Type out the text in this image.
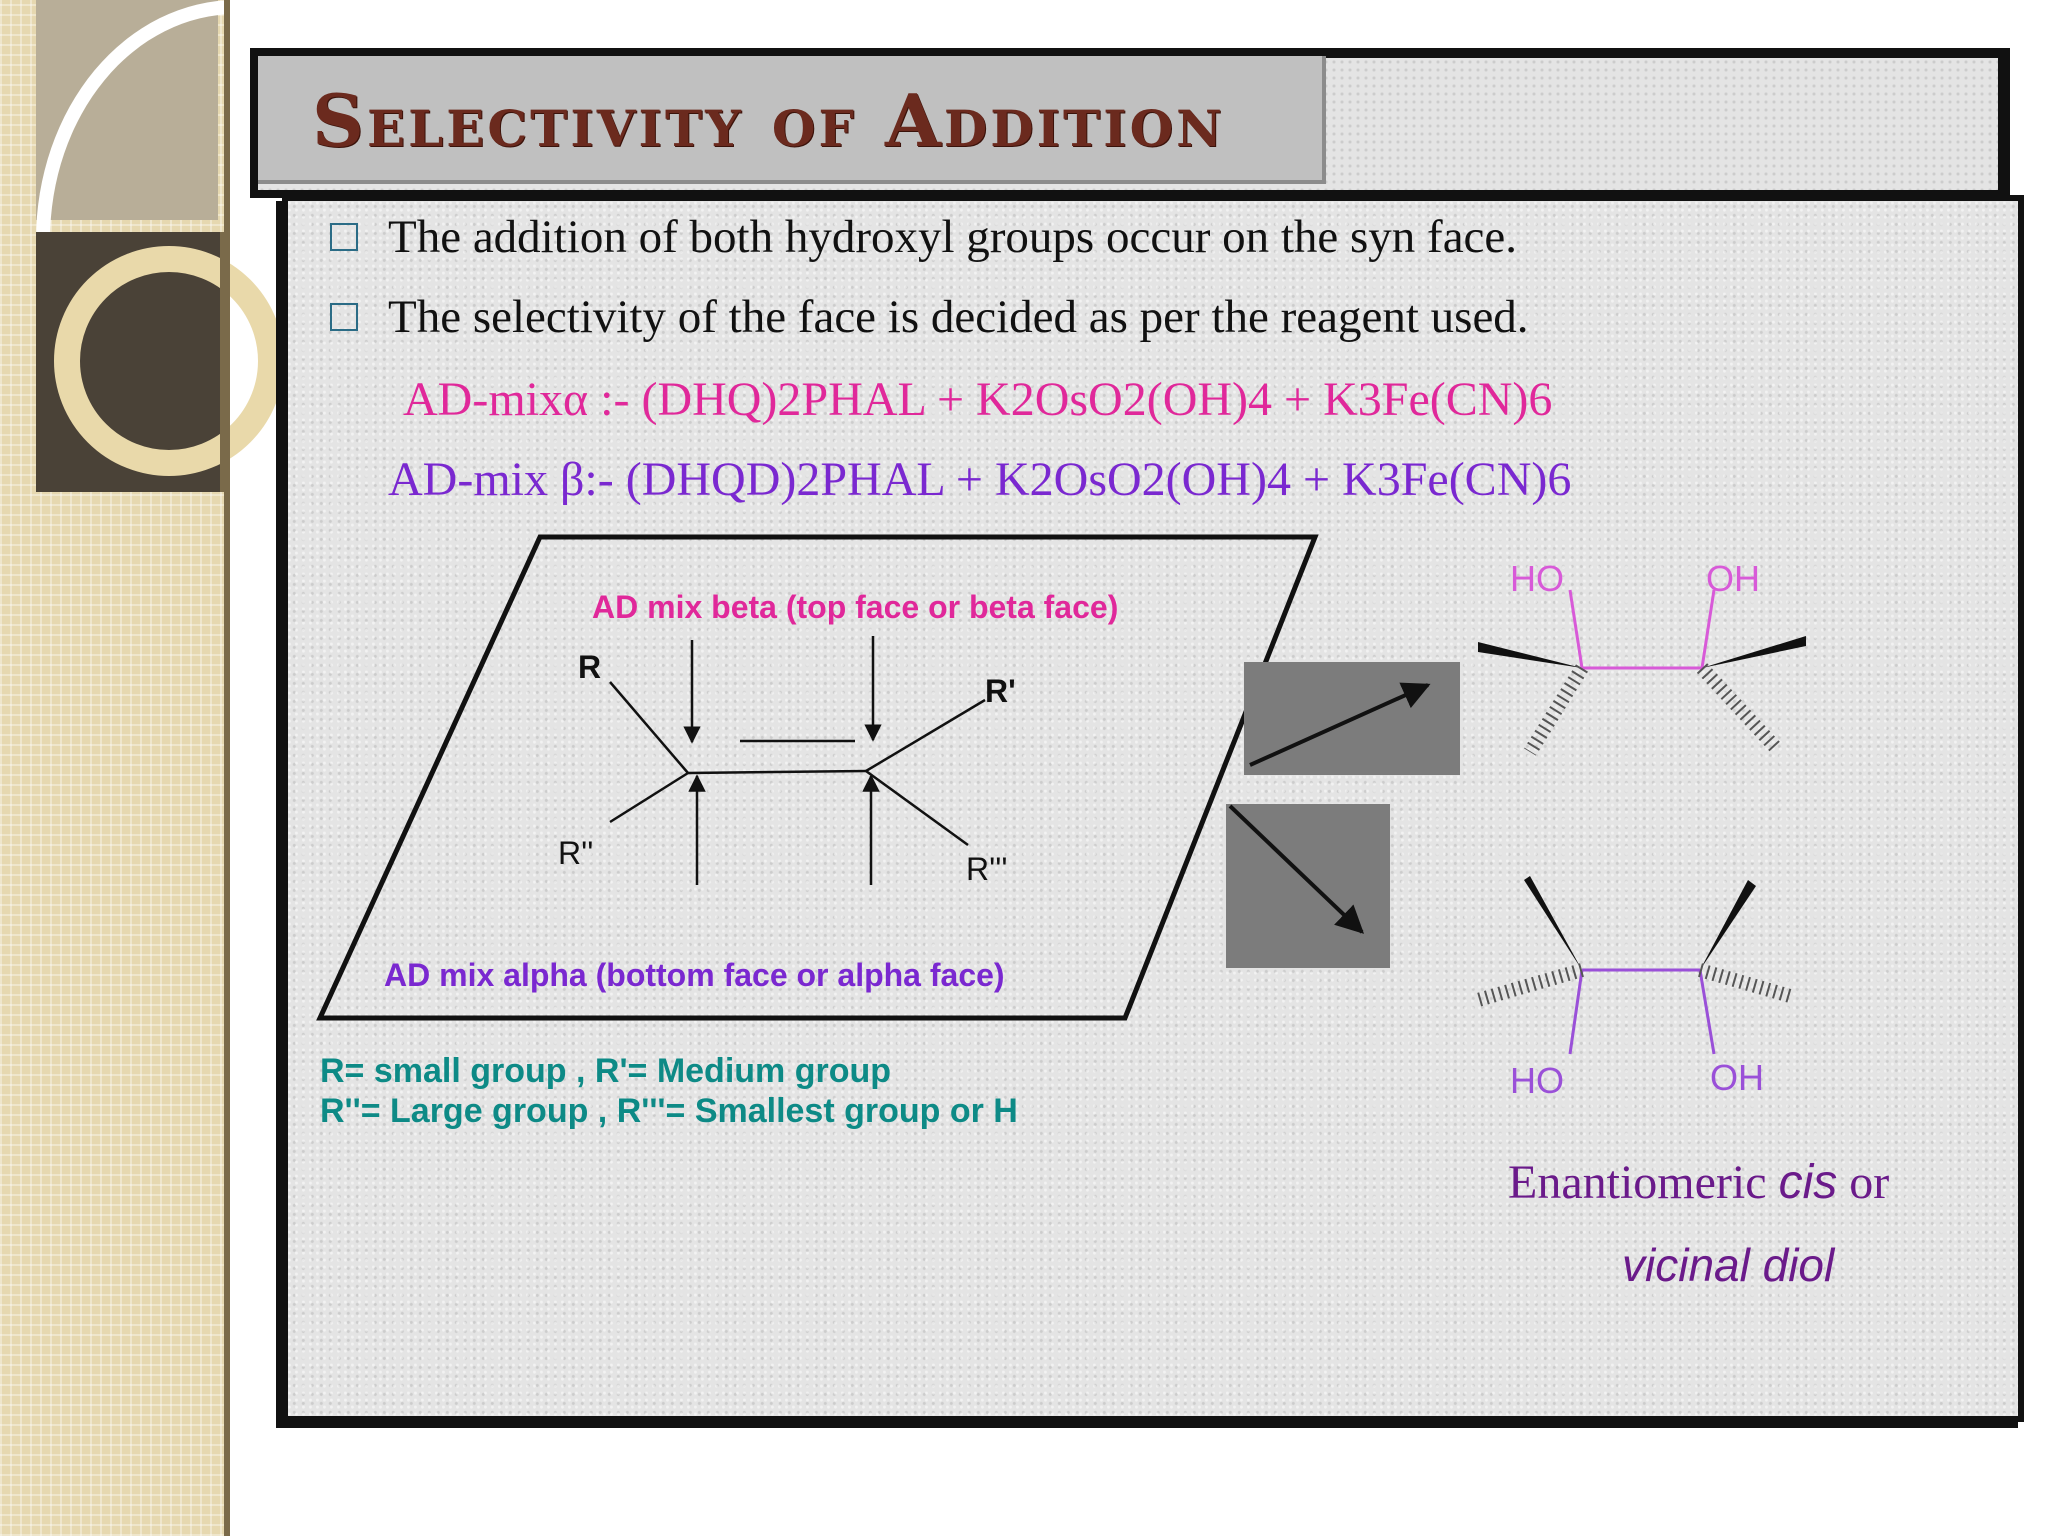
Selectivity of Addition
The addition of both hydroxyl groups occur on the syn face.
The selectivity of the face is decided as per the reagent used.
AD-mixα :- (DHQ)2PHAL + K2OsO2(OH)4 + K3Fe(CN)6
AD-mix β:- (DHQD)2PHAL + K2OsO2(OH)4 + K3Fe(CN)6
AD mix beta (top face or beta face)
AD mix alpha (bottom face or alpha face)
R
R'
R''	R'''
HO	OH
HO	OH
R= small group , R'= Medium group
R''= Large group , R'''= Smallest group or H
Enantiomeric cis or
vicinal diol
